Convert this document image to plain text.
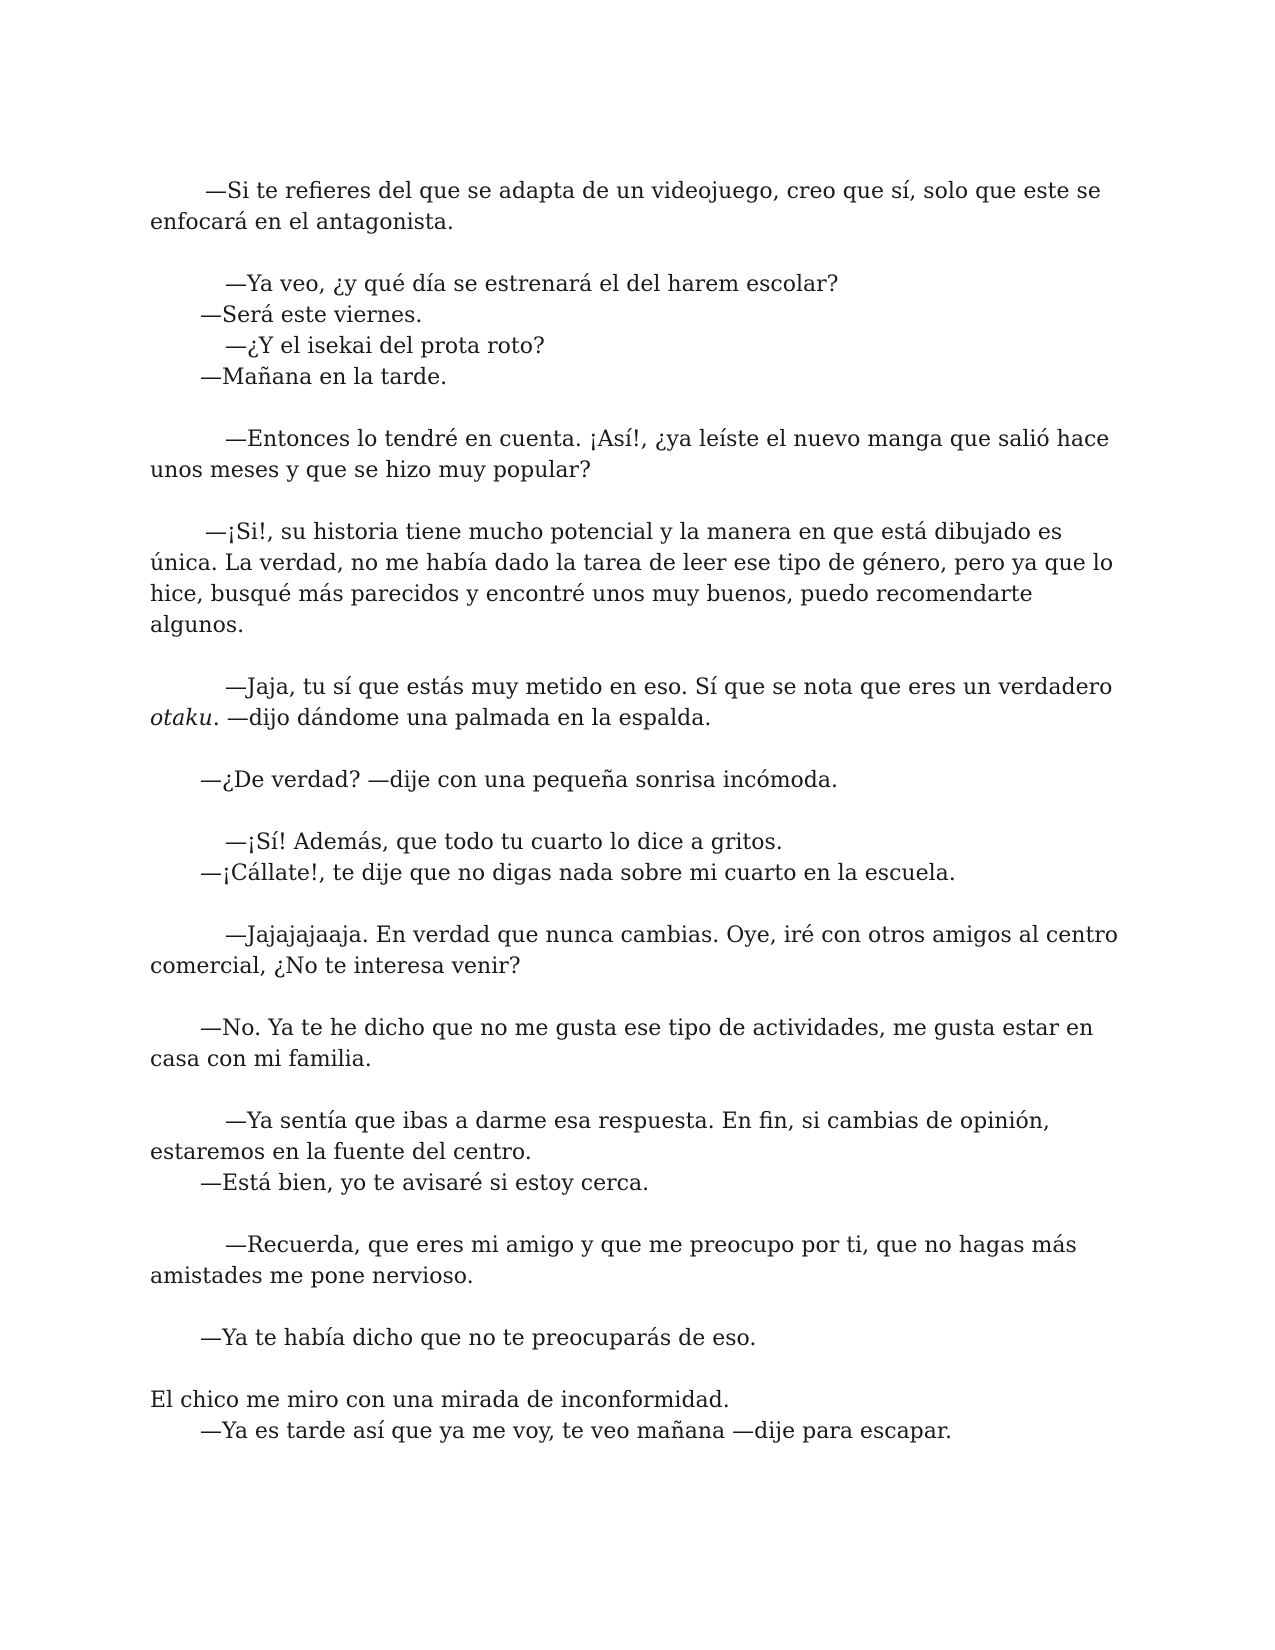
—Si te refieres del que se adapta de un videojuego, creo que sí, solo que este se
enfocará en el antagonista.
—Ya veo, ¿y qué día se estrenará el del harem escolar?
—Será este viernes.
—¿Y el isekai del prota roto?
—Mañana en la tarde.
—Entonces lo tendré en cuenta. ¡Así!, ¿ya leíste el nuevo manga que salió hace
unos meses y que se hizo muy popular?
—¡Si!, su historia tiene mucho potencial y la manera en que está dibujado es
única. La verdad, no me había dado la tarea de leer ese tipo de género, pero ya que lo
hice, busqué más parecidos y encontré unos muy buenos, puedo recomendarte
algunos.
—Jaja, tu sí que estás muy metido en eso. Sí que se nota que eres un verdadero
otaku. —dijo dándome una palmada en la espalda.
—¿De verdad? —dije con una pequeña sonrisa incómoda.
—¡Sí! Además, que todo tu cuarto lo dice a gritos.
—¡Cállate!, te dije que no digas nada sobre mi cuarto en la escuela.
—Jajajajaaja. En verdad que nunca cambias. Oye, iré con otros amigos al centro
comercial, ¿No te interesa venir?
—No. Ya te he dicho que no me gusta ese tipo de actividades, me gusta estar en
casa con mi familia.
—Ya sentía que ibas a darme esa respuesta. En fin, si cambias de opinión,
estaremos en la fuente del centro.
—Está bien, yo te avisaré si estoy cerca.
—Recuerda, que eres mi amigo y que me preocupo por ti, que no hagas más
amistades me pone nervioso.
—Ya te había dicho que no te preocuparás de eso.
El chico me miro con una mirada de inconformidad.
—Ya es tarde así que ya me voy, te veo mañana —dije para escapar.
